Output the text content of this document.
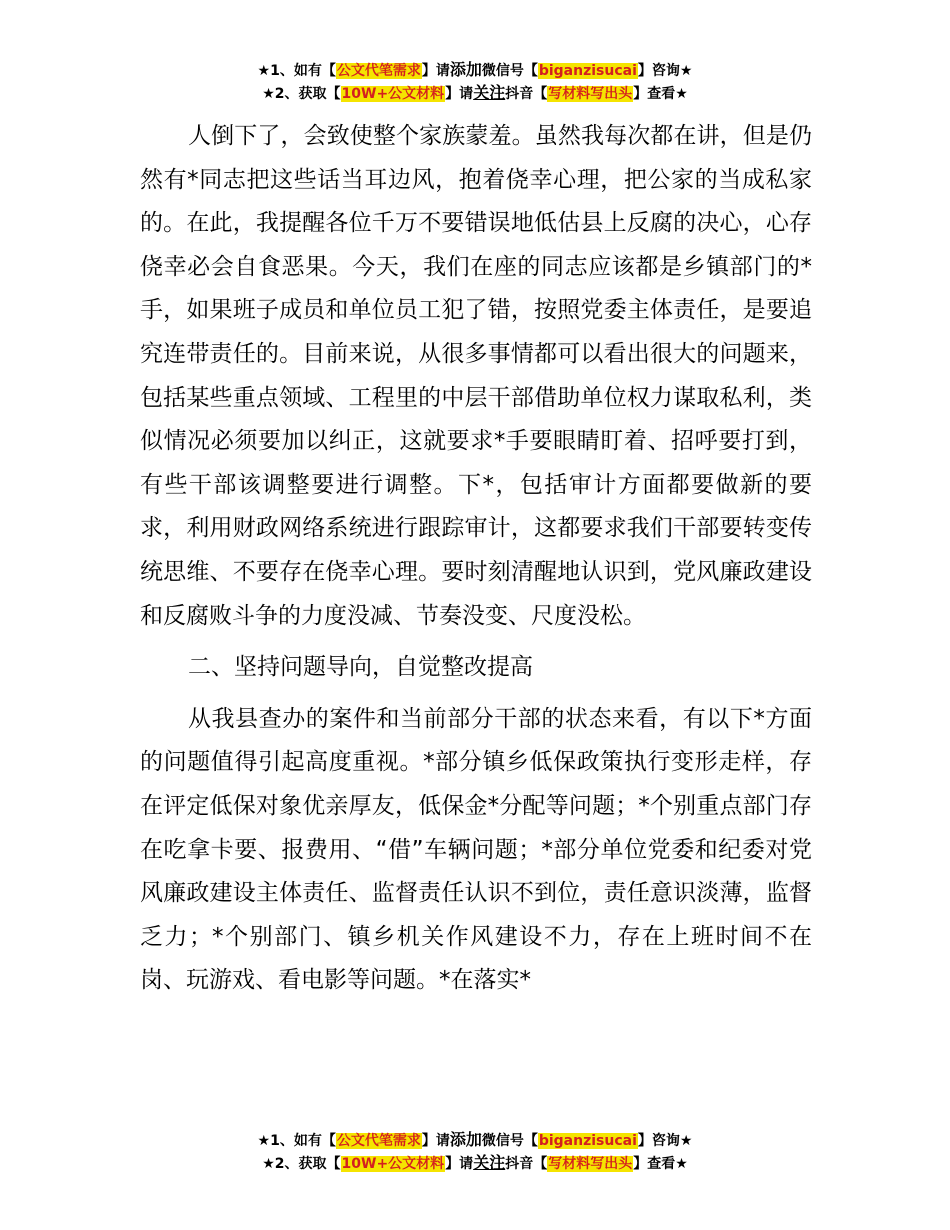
★1、如有【公文代笔需求】请添加微信号【biganzisucai】咨询★
★2、获取【10W+公文材料】请关注抖音【写材料写出头】查看★

人倒下了，会致使整个家族蒙羞。虽然我每次都在讲，但是仍然有*同志把这些话当耳边风，抱着侥幸心理，把公家的当成私家的。在此，我提醒各位千万不要错误地低估县上反腐的决心，心存侥幸必会自食恶果。今天，我们在座的同志应该都是乡镇部门的*手，如果班子成员和单位员工犯了错，按照党委主体责任，是要追究连带责任的。目前来说，从很多事情都可以看出很大的问题来，包括某些重点领域、工程里的中层干部借助单位权力谋取私利，类似情况必须要加以纠正，这就要求*手要眼睛盯着、招呼要打到，有些干部该调整要进行调整。下*，包括审计方面都要做新的要求，利用财政网络系统进行跟踪审计，这都要求我们干部要转变传统思维、不要存在侥幸心理。要时刻清醒地认识到，党风廉政建设和反腐败斗争的力度没减、节奏没变、尺度没松。

二、坚持问题导向，自觉整改提高

从我县查办的案件和当前部分干部的状态来看，有以下*方面的问题值得引起高度重视。*部分镇乡低保政策执行变形走样，存在评定低保对象优亲厚友，低保金*分配等问题；*个别重点部门存在吃拿卡要、报费用、“借”车辆问题；*部分单位党委和纪委对党风廉政建设主体责任、监督责任认识不到位，责任意识淡薄，监督乏力；*个别部门、镇乡机关作风建设不力，存在上班时间不在岗、玩游戏、看电影等问题。*在落实*

★1、如有【公文代笔需求】请添加微信号【biganzisucai】咨询★
★2、获取【10W+公文材料】请关注抖音【写材料写出头】查看★
